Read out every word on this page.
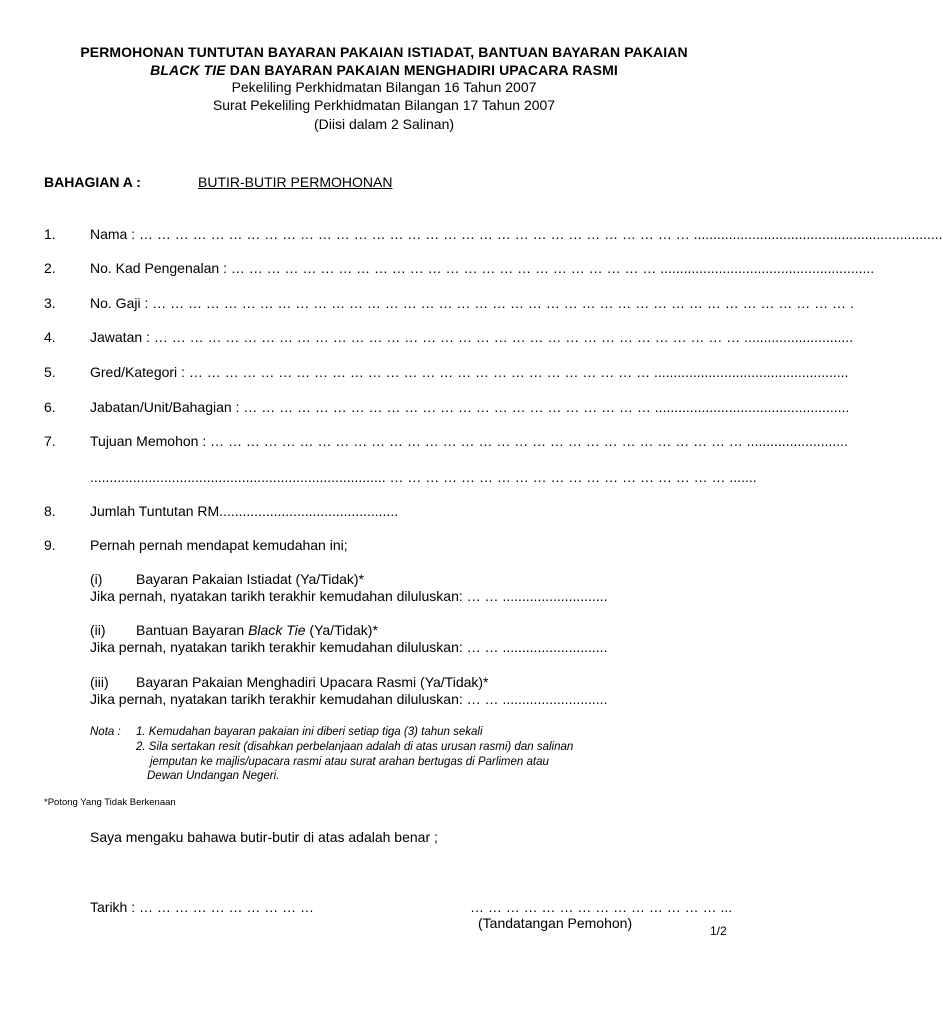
PERMOHONAN TUNTUTAN BAYARAN PAKAIAN ISTIADAT, BANTUAN BAYARAN PAKAIAN
BLACK TIE DAN BAYARAN PAKAIAN MENGHADIRI UPACARA RASMI
Pekeliling Perkhidmatan Bilangan 16 Tahun 2007
Surat Pekeliling Perkhidmatan Bilangan 17 Tahun 2007
(Diisi dalam 2 Salinan)
BAHAGIAN A :	BUTIR-BUTIR PERMOHONAN
1. Nama : … … … … … … … … … … … … … … … … … … … … … … … … … … … … … … … ................................................................
2. No. Kad Pengenalan : … … … … … … … … … … … … … … … … … … … … … … … … .......................................................
3. No. Gaji : … … … … … … … … … … … … … … … … … … … … … … … … … … … … … … … … … … … … … … … .
4. Jawatan : … … … … … … … … … … … … … … … … … … … … … … … … … … … … … … … … … ............................
5. Gred/Kategori : … … … … … … … … … … … … … … … … … … … … … … … … … … ..................................................
6. Jabatan/Unit/Bahagian : … … … … … … … … … … … … … … … … … … … … … … … ..................................................
7. Tujuan Memohon : … … … … … … … … … … … … … … … … … … … … … … … … … … … … … … ..........................
............................................................................ … … … … … … … … … … … … … … … … … … … .......
8. Jumlah Tuntutan RM..............................................
9. Pernah pernah mendapat kemudahan ini;
(i) Bayaran Pakaian Istiadat (Ya/Tidak)*
Jika pernah, nyatakan tarikh terakhir kemudahan diluluskan: … … ...........................
(ii) Bantuan Bayaran Black Tie (Ya/Tidak)*
Jika pernah, nyatakan tarikh terakhir kemudahan diluluskan: … … ...........................
(iii) Bayaran Pakaian Menghadiri Upacara Rasmi (Ya/Tidak)*
Jika pernah, nyatakan tarikh terakhir kemudahan diluluskan: … … ...........................
Nota : 1. Kemudahan bayaran pakaian ini diberi setiap tiga (3) tahun sekali
2. Sila sertakan resit (disahkan perbelanjaan adalah di atas urusan rasmi) dan salinan
jemputan ke majlis/upacara rasmi atau surat arahan bertugas di Parlimen atau
Dewan Undangan Negeri.
*Potong Yang Tidak Berkenaan
Saya mengaku bahawa butir-butir di atas adalah benar ;
Tarikh : … … … … … … … … … …	… … … … … … … … … … … … … … ...
(Tandatangan Pemohon)	1/2
